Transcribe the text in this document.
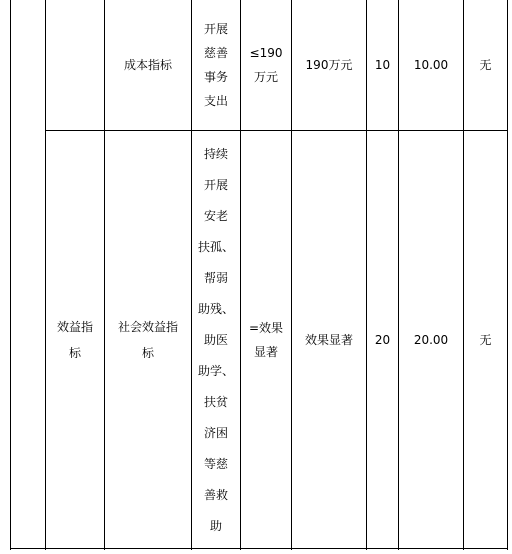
成本指标
开展
慈善
事务
支出
≤190
万元
190万元 10 10.00	无
效益指
标
社会效益指
标
持续
开展
安老
扶孤、
帮弱
助残、
助医
助学、
扶贫
济困
等慈
善救
助
=效果
显著
效果显著 20 20.00	无
